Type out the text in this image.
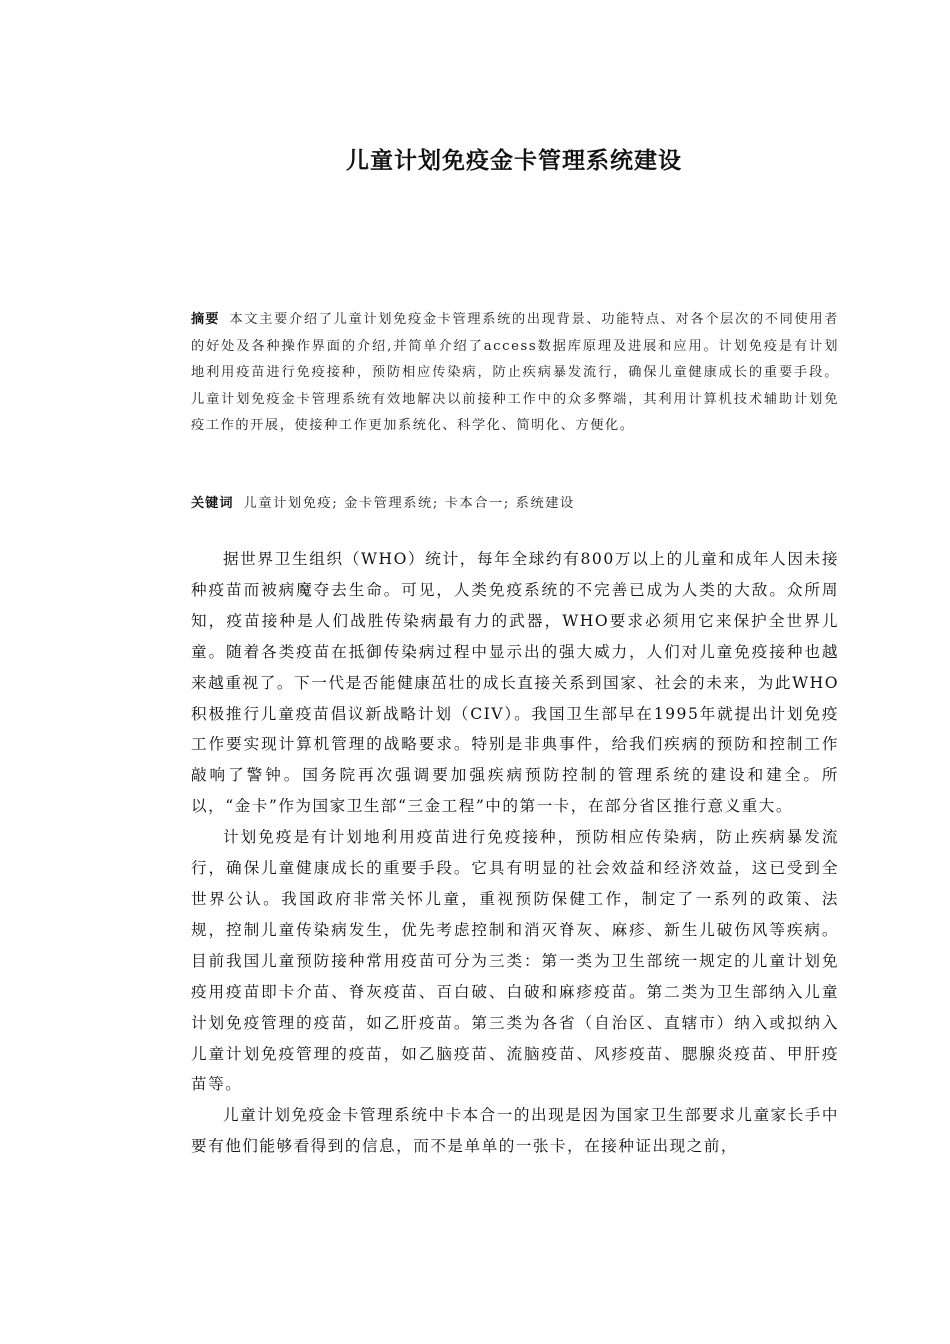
儿童计划免疫金卡管理系统建设
摘要 本文主要介绍了儿童计划免疫金卡管理系统的出现背景、功能特点、对各个层次的不同使用者的好处及各种操作界面的介绍,并简单介绍了access数据库原理及进展和应用。计划免疫是有计划地利用疫苗进行免疫接种，预防相应传染病，防止疾病暴发流行，确保儿童健康成长的重要手段。儿童计划免疫金卡管理系统有效地解决以前接种工作中的众多弊端，其利用计算机技术辅助计划免疫工作的开展，使接种工作更加系统化、科学化、简明化、方便化。
关键词 儿童计划免疫; 金卡管理系统; 卡本合一; 系统建设

据世界卫生组织（WHO）统计，每年全球约有800万以上的儿童和成年人因未接种疫苗而被病魔夺去生命。可见，人类免疫系统的不完善已成为人类的大敌。众所周知，疫苗接种是人们战胜传染病最有力的武器，WHO要求必须用它来保护全世界儿童。随着各类疫苗在抵御传染病过程中显示出的强大威力，人们对儿童免疫接种也越来越重视了。下一代是否能健康茁壮的成长直接关系到国家、社会的未来，为此WHO积极推行儿童疫苗倡议新战略计划（CIV）。我国卫生部早在1995年就提出计划免疫工作要实现计算机管理的战略要求。特别是非典事件，给我们疾病的预防和控制工作敲响了警钟。国务院再次强调要加强疾病预防控制的管理系统的建设和建全。所以，“金卡”作为国家卫生部“三金工程”中的第一卡，在部分省区推行意义重大。

计划免疫是有计划地利用疫苗进行免疫接种，预防相应传染病，防止疾病暴发流行，确保儿童健康成长的重要手段。它具有明显的社会效益和经济效益，这已受到全世界公认。我国政府非常关怀儿童，重视预防保健工作，制定了一系列的政策、法规，控制儿童传染病发生，优先考虑控制和消灭脊灰、麻疹、新生儿破伤风等疾病。目前我国儿童预防接种常用疫苗可分为三类：第一类为卫生部统一规定的儿童计划免疫用疫苗即卡介苗、脊灰疫苗、百白破、白破和麻疹疫苗。第二类为卫生部纳入儿童计划免疫管理的疫苗，如乙肝疫苗。第三类为各省（自治区、直辖市）纳入或拟纳入儿童计划免疫管理的疫苗，如乙脑疫苗、流脑疫苗、风疹疫苗、腮腺炎疫苗、甲肝疫苗等。

儿童计划免疫金卡管理系统中卡本合一的出现是因为国家卫生部要求儿童家长手中要有他们能够看得到的信息，而不是单单的一张卡，在接种证出现之前，
